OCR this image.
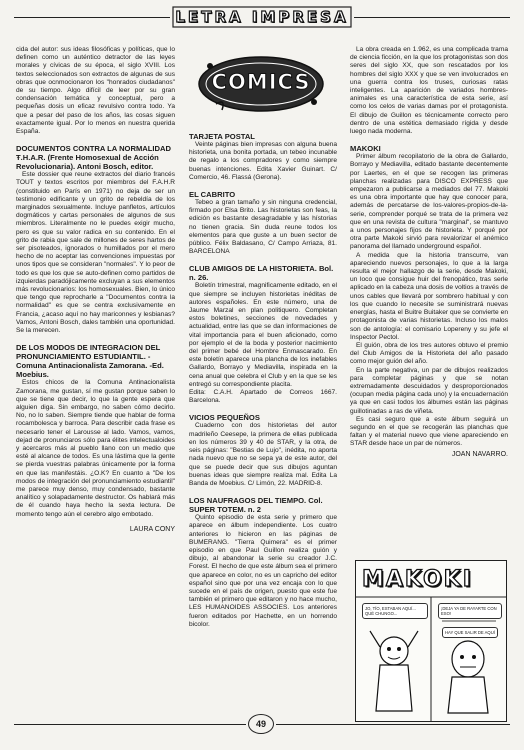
LETRA IMPRESA
COMICS

cida del autor: sus ideas filosóficas y políticas, que lo definen como un auténtico detractor de las leyes morales y cívicas de su época, el siglo XVIII. Los textos seleccionados son extractos de algunas de sus obras que ocnmocionaron los "honrados ciudadanos" de su tiempo. Algo difícil de leer por su gran condensación temática y conceptual, pero a pequeñas dosis un eficaz revulsivo contra todo. Ya que a pesar del paso de los años, las cosas siguen exactamente igual. Por lo menos en nuestra querida España.

DOCUMENTOS CONTRA LA NORMALIDAD Ŧ.H.A.R. (Frente Homosexual de Acción Revolucionaria). Antoni Bosch, editor.

Este dossier que reune extractos del diario francés TOUT y textos escritos por miembros del F.A.H.R (constituido en París en 1971) no deja de ser un testimonio edificante y un grito de rebeldía de los marginados sexualmente. Incluye panfletos, artículos dogmáticos y cartas personales de algunos de sus miembros. Literalmente no le puedes exigir mucho, pero es que su valor radica en su contenido. En el grito de rabia que sale de millones de seres hartos de ser pisoteados, ignorados o humillados por el mero hecho de no aceptar las convenciones impuestas por unos tipos que se consideran "normales". Y lo peor de todo es que los que se auto-definen como partidos de izquierdas paradójicamente excluyan a sus elementos más revolucionarios: los homosexuales. Bien, lo único que tengo que reprocharle a "Documentos contra la normalidad" es que se centra exclusivamente en Francia, ¿acaso aquí no hay mariconnes y lesbianas? Vamos, Antoni Bosch, dales también una oportunidad. Se la merecen.

DE LOS MODOS DE INTEGRACION DEL PRONUNCIAMIENTO ESTUDIANTIL. -Comuna Antinacionalista Zamorana. -Ed. Moebius.

Estos chicos de la Comuna Antinacionalista Zamorana, me gustan, sí me gustan porque saben lo que se tiene que decir, lo que la gente espera que alguien diga. Sin embargo, no saben cómo decirlo. No, no lo saben. Siempre tiende que hablar de forma rocambolesca y barroca. Para describir cada frase es necesario tener el Larousse al lado. Vamos, vamos, dejad de pronunciaros sólo para élites intelectualoides y acercaros más al pueblo llano con un medio que esté al alcance de todos. Es una lástima que la gente se pierda vuestras palabras únicamente por la forma en que las manifestáis. ¿O.K? En cuanto a "De los modos de integración del pronunciamiento estudiantil" me parece muy denso, muy condensado, bastante analítico y solapadamente destructor. Os hablará más de él cuando haya hecho la sexta lectura. De momento tengo aún el cerebro algo embotado.

LAURA CONY

TARJETA POSTAL

Veinte páginas bien impresas con alguna buena historieta, una bonita portada, un tebeo incunable de regalo a los compradores y como siempre buenas intenciones. Edita Xavier Guinart. C/ Comercio, 46. Flassá (Gerona).

EL CABRITO

Tebeo a gran tamaño y sin ninguna credencial, firmado por Elsa Brito. Las historietas son feas, la edición es bastante desagradable y las hístorias no tienen gracia. Sin duda reune todos los elementos para que guste a un buen sector de público. Félix Baldasano, C/ Campo Arriaza, 81. BARCELONA

CLUB AMIGOS DE LA HISTORIETA. Bol. n. 26.

Boletín trimestral, magnificamente editado, en el que siempre se incluyen historietas inéditas de autores españoles. En este número, una de Jaume Marzal en plan politiquero. Completan estos boletines, secciones de novedades y actualidad, entre las que se dan informaciones de vital importancia para el buen aficionado, como por ejemplo el de la boda y posterior nacimiento del primer bebé del Hombre Enmascarado. En este boletín aparece una plancha de los inefables Gallardo, Borrayo y Mediavilla, inspirada en la cena anual que celebra el Club y en la que se les entregó su correspondiente placita.

Edita: C.A.H. Apartado de Correos 1667. Barcelona.

VICIOS PEQUEÑOS

Cuaderno con dos historietas del autor madrileño Ceesepe, la primera de ellas publicada en los números 39 y 40 de STAR, y la otra, de seis páginas: "Bestias de Lujo", inédita, no aporta nada nuevo que no se sepa ya de este autor, del que se puede decir que sus dibujos aguntan buenas ideas que siempre realiza mal. Edita La Banda de Moebius. C/ Limón, 22. MADRID-8.

LOS NAUFRAGOS DEL TIEMPO. Col. SUPER TOTEM. n. 2

Quinto episodio de esta serie y primero que aparece en álbum independiente. Los cuatro anteriores lo hicieron en las páginas de BUMERANG. "Tierra Quimera" es el primer episodio en que Paul Guillon realiza guión y dibujo, al abandonar la serie su creador J.C. Forest. El hecho de que este álbum sea el primero que aparece en color, no es un capricho del editor español sino que por una vez encaja con lo que sucede en el país de origen, puesto que este fue también el primero que editaron y no hace mucho, LES HUMANOIDES ASSOCIES. Los anteriores fueron editados por Hachette, en un horrendo bicolor.

La obra creada en 1.962, es una complicada trama de ciencia ficción, en la que los protagonistas son dos seres del siglo XX, que son rescatados por los hombres del siglo XXX y que se ven involucrados en una guerra contra los truses, curiosas ratas inteligentes. La aparición de variados hombres-animales es una característica de esta serie, así como los celos de varias damas por el protagonista. El dibujo de Guillon es técnicamente correcto pero dentro de una estética demasiado rígida y desde luego nada moderna.

MAKOKI

Primer álbum recopilatorio de la obra de Gallardo, Borrayo y Mediavilla, editado bastante decentemente por Laertes, en el que se recogen las primeras planchas realizadas para DISCO EXPRESS que empezaron a publicarse a mediados del 77. Makoki es una obra importante que hay que conocer para, además de percatarse de los-valores-propios-de-la-serie, comprender porqué se trata de la primera vez que en una revista de cultura "marginal", se mantuvo a unos personajes fijos de historieta. Y porqué por otra parte Makoki sirvió para revalorizar el anémico panorama del llamado underground español.

A medida que la historia transcurre, van apareciendo nuevos personajes, lo que a la larga resulta el mejor hallazgo de la serie, desde Makoki, un loco que consigue huir del frenopático, tras serle aplicado en la cabeza una dosis de voltios a través de unos cables que llevará por sombrero habitual y con los que cuando lo necesite se suministrará nuevas energías, hasta el Buitre Buitaker que se convierte en protagonista de varias historietas. Incluso los malos son de antología: el comisario Lopereny y su jefe el Inspector Pectol.

El guión, obra de los tres autores obtuvo el premio del Club Amigos de la Historieta del año pasado como mejor guión del año.

En la parte negativa, un par de dibujos realizados para completar páginas y que se notan extremadamente descuidados y desproporcionados (ocupan media página cada uno) y la encuadernación ya que en casi todos los álbumes están las páginas guillotinadas a ras de viñeta.

Es casi seguro que a este álbum seguirá un segundo en el que se recogerán las planchas que faltan y el material nuevo que viene apareciendo en STAR desde hace un par de números.

JOAN NAVARRO.

MAKOKI
JO, TÍO, ESTABAN AQUÍ... QUÉ CHUNGO...
¡DEJA YA DE RAYARTE CON ESO!
HAY QUE SALIR DE AQUÍ
49
